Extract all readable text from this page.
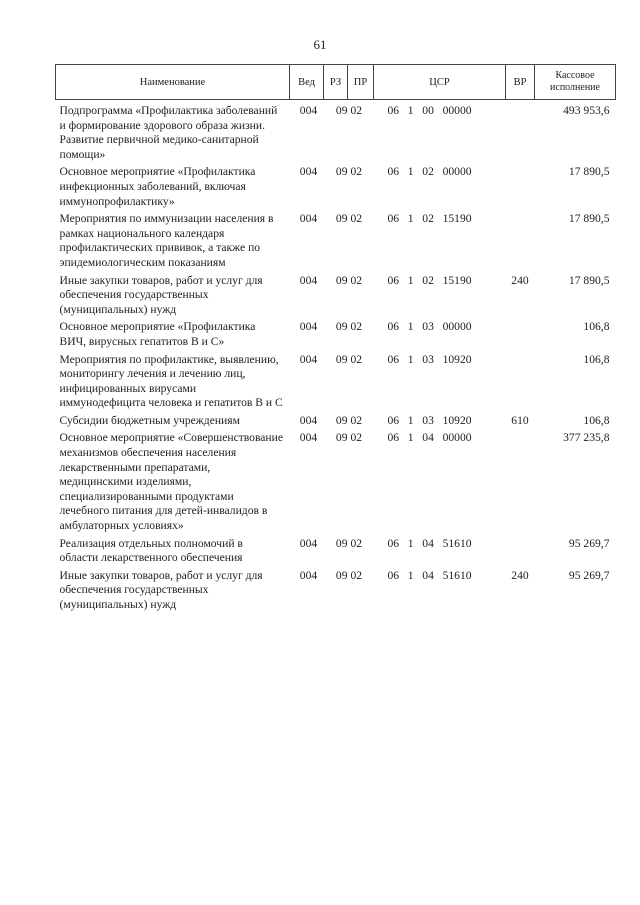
61
Наименование	Вед	РЗ	ПР	ЦСР	ВР	Кассовое исполнение
Подпрограмма «Профилактика заболеваний и формирование здорового образа жизни. Развитие первичной медико-санитарной помощи»	004	09	02	06   1   00   00000		493 953,6
Основное мероприятие «Профилактика инфекционных заболеваний, включая иммунопрофилактику»	004	09	02	06   1   02   00000		17 890,5
Мероприятия по иммунизации населения в рамках национального календаря профилактических прививок, а также по эпидемиологическим показаниям	004	09	02	06   1   02   15190		17 890,5
Иные закупки товаров, работ и услуг для обеспечения государственных (муниципальных) нужд	004	09	02	06   1   02   15190	240	17 890,5
Основное мероприятие «Профилактика ВИЧ, вирусных гепатитов В и С»	004	09	02	06   1   03   00000		106,8
Мероприятия по профилактике, выявлению, мониторингу лечения и лечению лиц, инфицированных вирусами иммунодефицита человека и гепатитов В и С	004	09	02	06   1   03   10920		106,8
Субсидии бюджетным учреждениям	004	09	02	06   1   03   10920	610	106,8
Основное мероприятие «Совершенствование механизмов обеспечения населения лекарственными препаратами, медицинскими изделиями, специализированными продуктами лечебного питания для детей-инвалидов в амбулаторных условиях»	004	09	02	06   1   04   00000		377 235,8
Реализация отдельных полномочий в области лекарственного обеспечения	004	09	02	06   1   04   51610		95 269,7
Иные закупки товаров, работ и услуг для обеспечения государственных (муниципальных) нужд	004	09	02	06   1   04   51610	240	95 269,7
